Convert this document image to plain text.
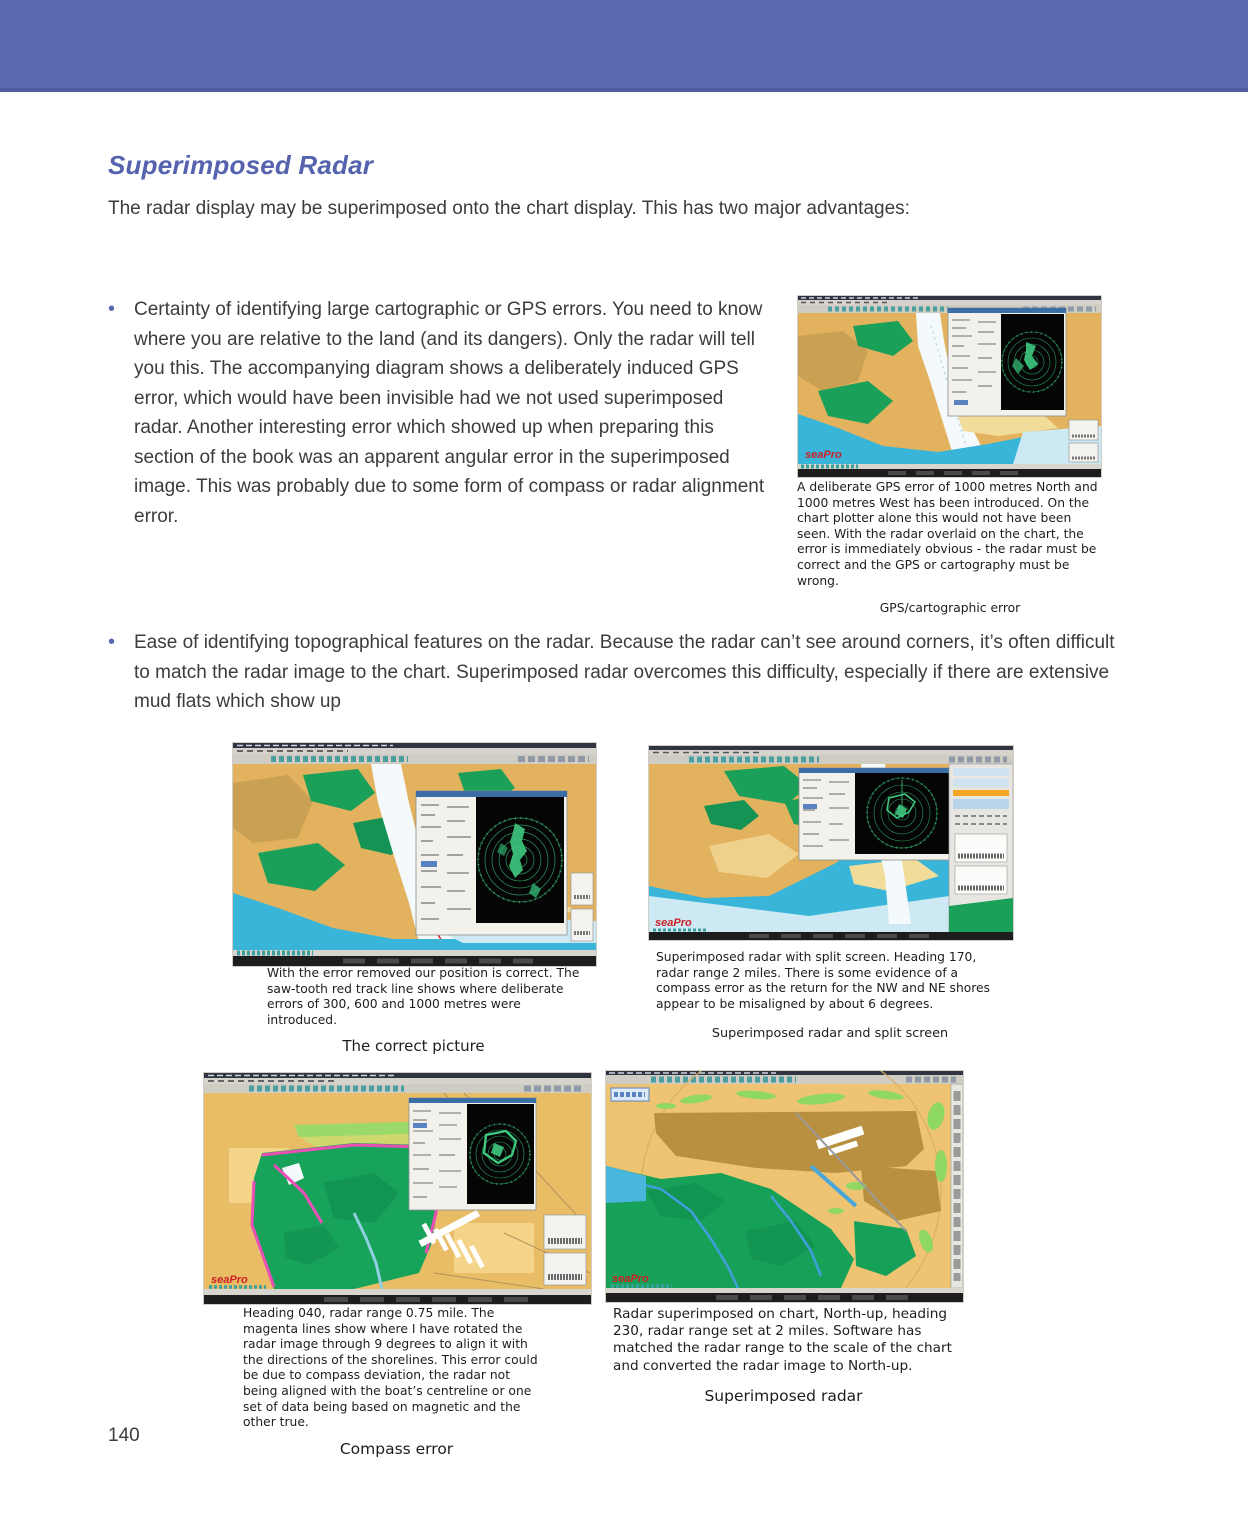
Superimposed Radar
The radar display may be superimposed onto the chart display. This has two major advantages:
• Certainty of identifying large cartographic or GPS errors. You need to know where you are relative to the land (and its dangers). Only the radar will tell you this. The accompanying diagram shows a deliberately induced GPS error, which would have been invisible had we not used superimposed radar. Another interesting error which showed up when preparing this section of the book was an apparent angular error in the superimposed image. This was probably due to some form of compass or radar alignment error.
• Ease of identifying topographical features on the radar. Because the radar can’t see around corners, it’s often difficult to match the radar image to the chart. Superimposed radar overcomes this difficulty, especially if there are extensive mud flats which show up
seaPro
seaPro
seaPro	seaPro
A deliberate GPS error of 1000 metres North and 1000 metres West has been introduced. On the chart plotter alone this would not have been seen. With the radar overlaid on the chart, the error is immediately obvious - the radar must be correct and the GPS or cartography must be wrong.
GPS/cartographic error
With the error removed our position is correct. The saw-tooth red track line shows where deliberate errors of 300, 600 and 1000 metres were introduced.
The correct picture
Superimposed radar with split screen. Heading 170, radar range 2 miles. There is some evidence of a compass error as the return for the NW and NE shores appear to be misaligned by about 6 degrees.
Superimposed radar and split screen
Heading 040, radar range 0.75 mile. The magenta lines show where I have rotated the radar image through 9 degrees to align it with the directions of the shorelines. This error could be due to compass deviation, the radar not being aligned with the boat’s centreline or one set of data being based on magnetic and the other true.
Compass error
Radar superimposed on chart, North-up, heading 230, radar range set at 2 miles. Software has matched the radar range to the scale of the chart and converted the radar image to North-up.
Superimposed radar
140
